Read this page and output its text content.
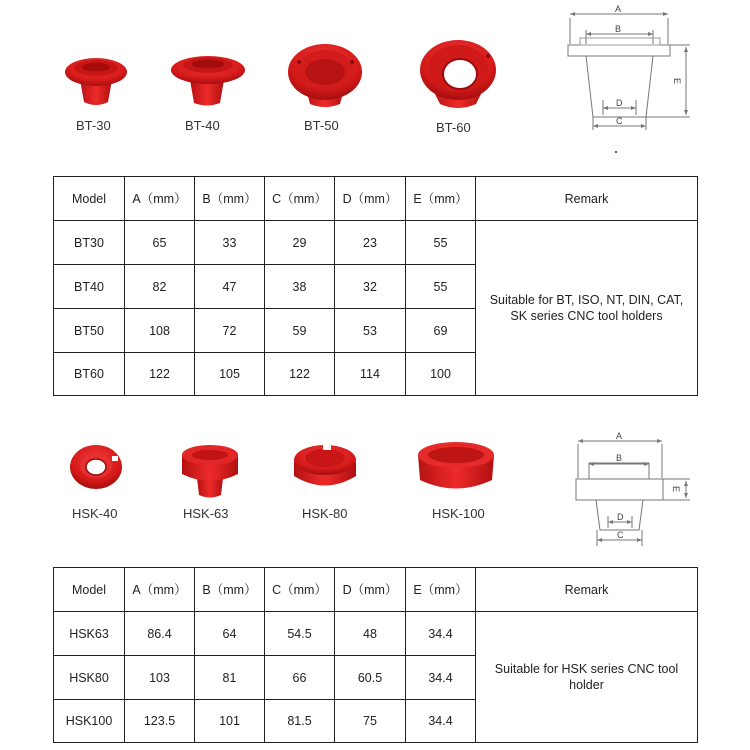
BT-30	BT-40	BT-50	BT-60
A
B
D
C
E
Model	A（mm）	B（mm）	C（mm）	D（mm）	E（mm）	Remark
BT30	65	33	29	23	55	Suitable for BT, ISO, NT, DIN, CAT, SK series CNC tool holders
BT40	82	47	38	32	55	
BT50	108	72	59	53	69	
BT60	122	105	122	114	100	
HSK-40	HSK-63	HSK-80	HSK-100
A
B
D
C
E
Model	A（mm）	B（mm）	C（mm）	D（mm）	E（mm）	Remark
HSK63	86.4	64	54.5	48	34.4	Suitable for HSK series CNC tool holder
HSK80	103	81	66	60.5	34.4	
HSK100	123.5	101	81.5	75	34.4	
